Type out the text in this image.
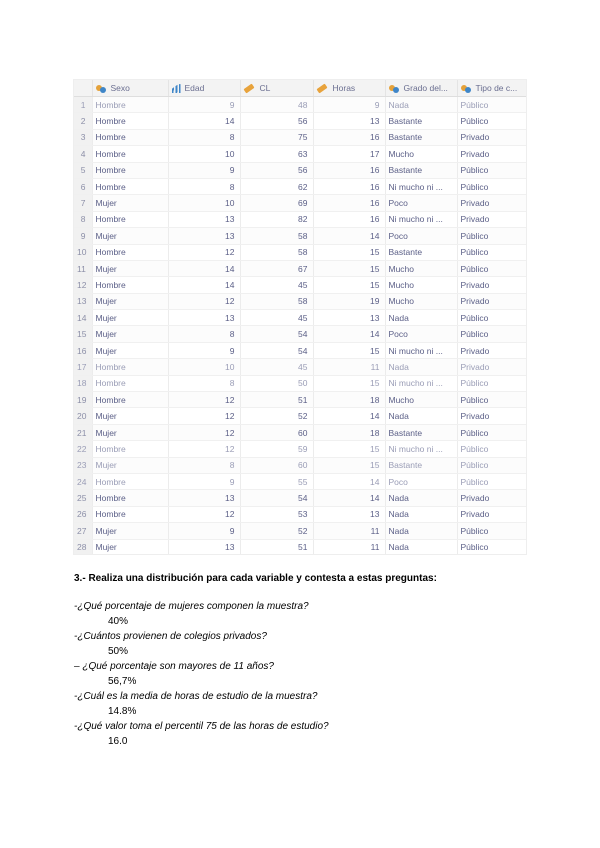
	Sexo	Edad	CL	Horas	Grado del...	Tipo de c...
1	Hombre	9	48	9	Nada	Público
2	Hombre	14	56	13	Bastante	Público
3	Hombre	8	75	16	Bastante	Privado
4	Hombre	10	63	17	Mucho	Privado
5	Hombre	9	56	16	Bastante	Público
6	Hombre	8	62	16	Ni mucho ni ...	Público
7	Mujer	10	69	16	Poco	Privado
8	Hombre	13	82	16	Ni mucho ni ...	Privado
9	Mujer	13	58	14	Poco	Público
10	Hombre	12	58	15	Bastante	Público
11	Mujer	14	67	15	Mucho	Público
12	Hombre	14	45	15	Mucho	Privado
13	Mujer	12	58	19	Mucho	Privado
14	Mujer	13	45	13	Nada	Público
15	Mujer	8	54	14	Poco	Público
16	Mujer	9	54	15	Ni mucho ni ...	Privado
17	Hombre	10	45	11	Nada	Privado
18	Hombre	8	50	15	Ni mucho ni ...	Público
19	Hombre	12	51	18	Mucho	Público
20	Mujer	12	52	14	Nada	Privado
21	Mujer	12	60	18	Bastante	Público
22	Hombre	12	59	15	Ni mucho ni ...	Público
23	Mujer	8	60	15	Bastante	Público
24	Hombre	9	55	14	Poco	Público
25	Hombre	13	54	14	Nada	Privado
26	Hombre	12	53	13	Nada	Privado
27	Mujer	9	52	11	Nada	Público
28	Mujer	13	51	11	Nada	Público

3.- Realiza una distribución para cada variable y contesta a estas preguntas:

-¿Qué porcentaje de mujeres componen la muestra?

40%

-¿Cuántos provienen de colegios privados?

50%

– ¿Qué porcentaje son mayores de 11 años?

56,7%

-¿Cuál es la media de horas de estudio de la muestra?

14.8%

-¿Qué valor toma el percentil 75 de las horas de estudio?

16.0
